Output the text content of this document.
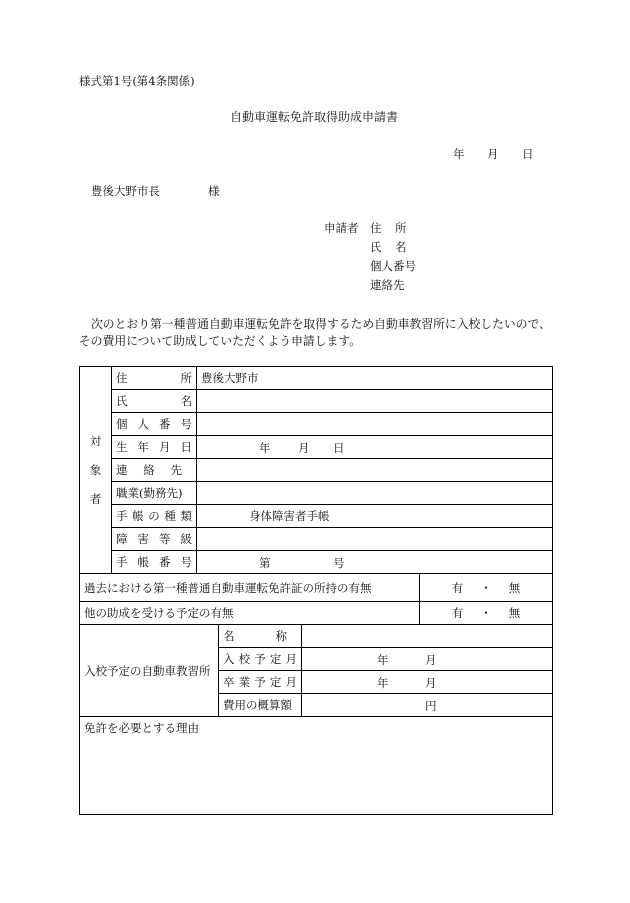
様式第1号(第4条関係)
自動車運転免許取得助成申請書
年 月 日
豊後大野市長	様
申請者 住 所
氏 名
個人番号
連絡先
次のとおり第一種普通自動車運転免許を取得するため自動車教習所に入校したいので、
その費用について助成していただくよう申請します。
対
象
者	住 所	豊後大野市			

	氏 名				

	個 人 番 号				

	生 年 月 日	年 月 日			

	連 絡 先				

	職業(勤務先)				

	手 帳 の 種 類	身体障害者手帳			

	障 害 等 級				

	手 帳 番 号	第 号			

過去における第一種普通自動車運転免許証の所持の有無					有 ・ 無

他の助成を受ける予定の有無					有 ・ 無

入校予定の自動車教習所			名 称		

			入 校 予 定 月	年 月	

			卒 業 予 定 月	年 月	

			費用の概算額	円	

免許を必要とする理由					
